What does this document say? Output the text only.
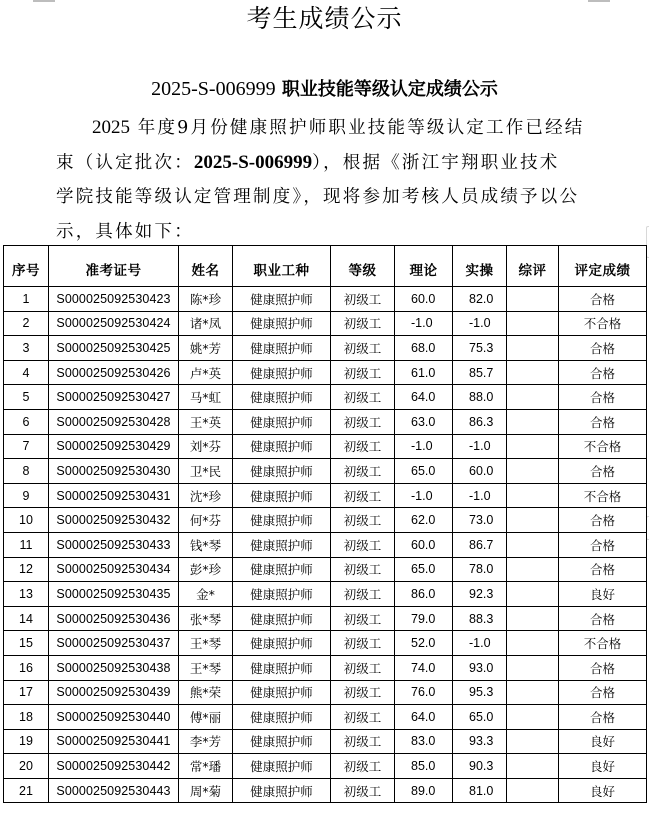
考生成绩公示
2025-S-006999 职业技能等级认定成绩公示
2025 年度9月份健康照护师职业技能等级认定工作已经结
束（认定批次：2025-S-006999），根据《浙江宇翔职业技术
学院技能等级认定管理制度》，现将参加考核人员成绩予以公
示，具体如下：
序号	准考证号	姓名	职业工种	等级	理论	实操	综评	评定成绩
1	S000025092530423	陈*珍	健康照护师	初级工	60.0	82.0		合格
2	S000025092530424	诸*凤	健康照护师	初级工	-1.0	-1.0		不合格
3	S000025092530425	姚*芳	健康照护师	初级工	68.0	75.3		合格
4	S000025092530426	卢*英	健康照护师	初级工	61.0	85.7		合格
5	S000025092530427	马*虹	健康照护师	初级工	64.0	88.0		合格
6	S000025092530428	王*英	健康照护师	初级工	63.0	86.3		合格
7	S000025092530429	刘*芬	健康照护师	初级工	-1.0	-1.0		不合格
8	S000025092530430	卫*民	健康照护师	初级工	65.0	60.0		合格
9	S000025092530431	沈*珍	健康照护师	初级工	-1.0	-1.0		不合格
10	S000025092530432	何*芬	健康照护师	初级工	62.0	73.0		合格
11	S000025092530433	钱*琴	健康照护师	初级工	60.0	86.7		合格
12	S000025092530434	彭*珍	健康照护师	初级工	65.0	78.0		合格
13	S000025092530435	金*	健康照护师	初级工	86.0	92.3		良好
14	S000025092530436	张*琴	健康照护师	初级工	79.0	88.3		合格
15	S000025092530437	王*琴	健康照护师	初级工	52.0	-1.0		不合格
16	S000025092530438	王*琴	健康照护师	初级工	74.0	93.0		合格
17	S000025092530439	熊*荣	健康照护师	初级工	76.0	95.3		合格
18	S000025092530440	傅*丽	健康照护师	初级工	64.0	65.0		合格
19	S000025092530441	李*芳	健康照护师	初级工	83.0	93.3		良好
20	S000025092530442	常*璠	健康照护师	初级工	85.0	90.3		良好
21	S000025092530443	周*菊	健康照护师	初级工	89.0	81.0		良好
